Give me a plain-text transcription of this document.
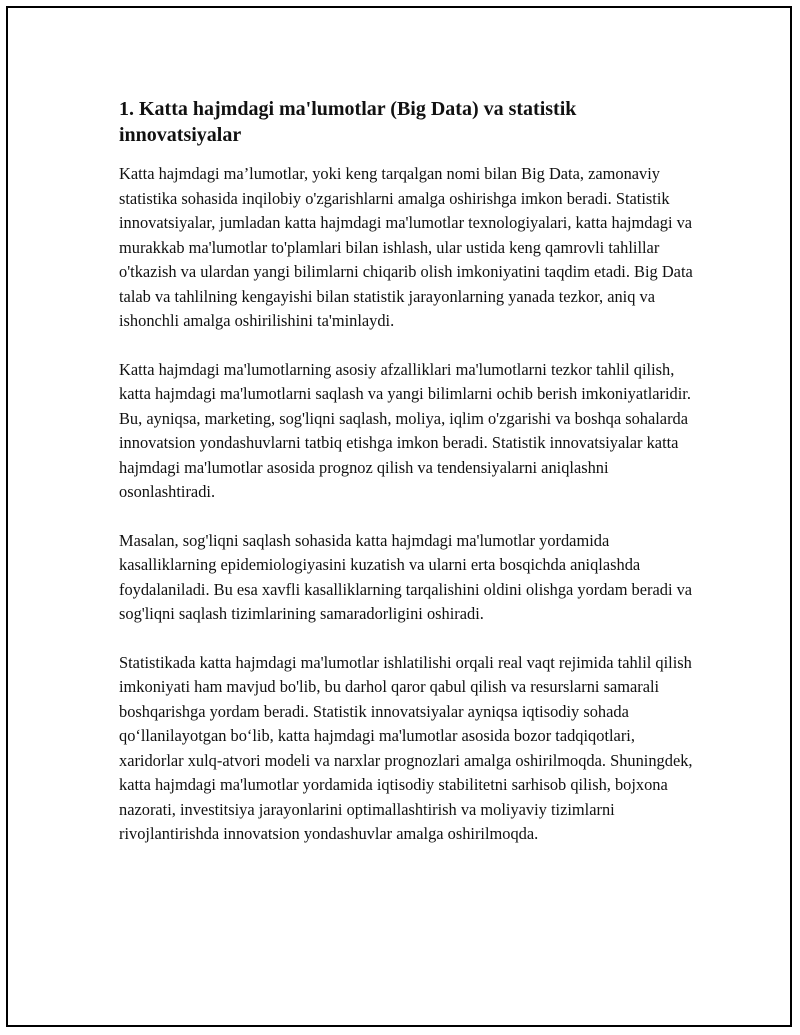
1. Katta hajmdagi ma'lumotlar (Big Data) va statistik innovatsiyalar

Katta hajmdagi ma’lumotlar, yoki keng tarqalgan nomi bilan Big Data, zamonaviy statistika sohasida inqilobiy o'zgarishlarni amalga oshirishga imkon beradi. Statistik innovatsiyalar, jumladan katta hajmdagi ma'lumotlar texnologiyalari, katta hajmdagi va murakkab ma'lumotlar to'plamlari bilan ishlash, ular ustida keng qamrovli tahlillar o'tkazish va ulardan yangi bilimlarni chiqarib olish imkoniyatini taqdim etadi. Big Data talab va tahlilning kengayishi bilan statistik jarayonlarning yanada tezkor, aniq va ishonchli amalga oshirilishini ta'minlaydi.

Katta hajmdagi ma'lumotlarning asosiy afzalliklari ma'lumotlarni tezkor tahlil qilish, katta hajmdagi ma'lumotlarni saqlash va yangi bilimlarni ochib berish imkoniyatlaridir. Bu, ayniqsa, marketing, sog'liqni saqlash, moliya, iqlim o'zgarishi va boshqa sohalarda innovatsion yondashuvlarni tatbiq etishga imkon beradi. Statistik innovatsiyalar katta hajmdagi ma'lumotlar asosida prognoz qilish va tendensiyalarni aniqlashni osonlashtiradi.

Masalan, sog'liqni saqlash sohasida katta hajmdagi ma'lumotlar yordamida kasalliklarning epidemiologiyasini kuzatish va ularni erta bosqichda aniqlashda foydalaniladi. Bu esa xavfli kasalliklarning tarqalishini oldini olishga yordam beradi va sog'liqni saqlash tizimlarining samaradorligini oshiradi.

Statistikada katta hajmdagi ma'lumotlar ishlatilishi orqali real vaqt rejimida tahlil qilish imkoniyati ham mavjud bo'lib, bu darhol qaror qabul qilish va resurslarni samarali boshqarishga yordam beradi. Statistik innovatsiyalar ayniqsa iqtisodiy sohada qo‘llanilayotgan bo‘lib, katta hajmdagi ma'lumotlar asosida bozor tadqiqotlari, xaridorlar xulq-atvori modeli va narxlar prognozlari amalga oshirilmoqda. Shuningdek, katta hajmdagi ma'lumotlar yordamida iqtisodiy stabilitetni sarhisob qilish, bojxona nazorati, investitsiya jarayonlarini optimallashtirish va moliyaviy tizimlarni rivojlantirishda innovatsion yondashuvlar amalga oshirilmoqda.
